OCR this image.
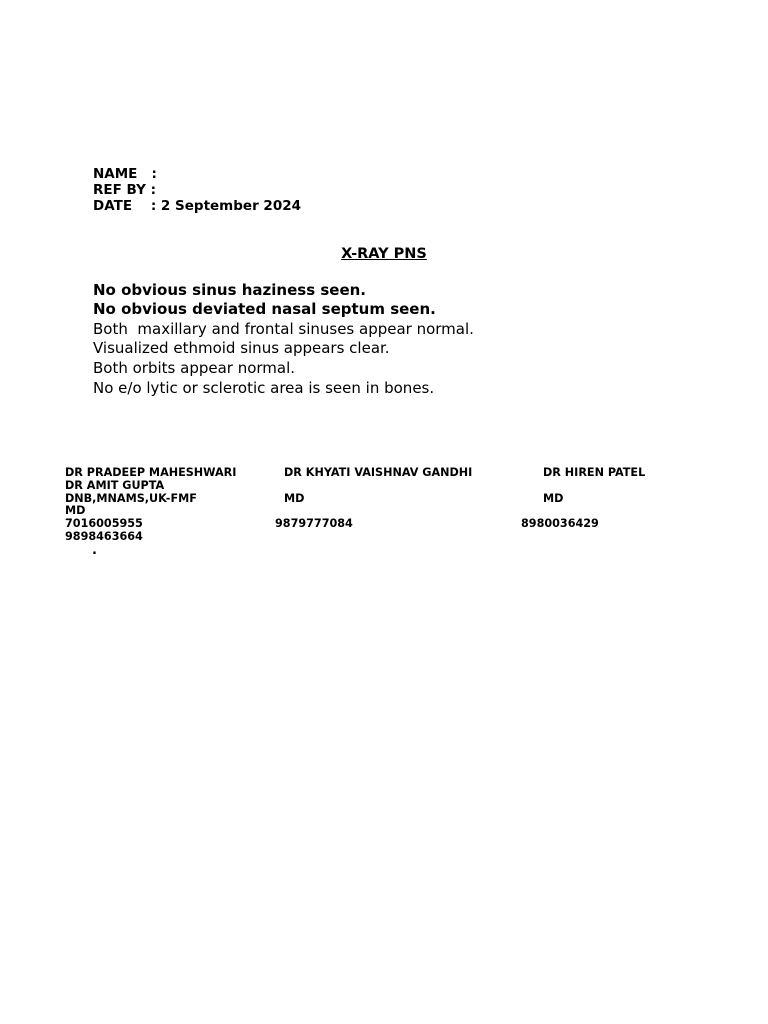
NAME   :
REF BY :
DATE    : 2 September 2024
X-RAY PNS
No obvious sinus haziness seen.
No obvious deviated nasal septum seen.
Both  maxillary and frontal sinuses appear normal.
Visualized ethmoid sinus appears clear.
Both orbits appear normal.
No e/o lytic or sclerotic area is seen in bones.
DR PRADEEP MAHESHWARI
DR AMIT GUPTA
DNB,MNAMS,UK-FMF
MD
7016005955
9898463664
DR KHYATI VAISHNAV GANDHI
MD
9879777084
DR HIREN PATEL
MD
8980036429
.
